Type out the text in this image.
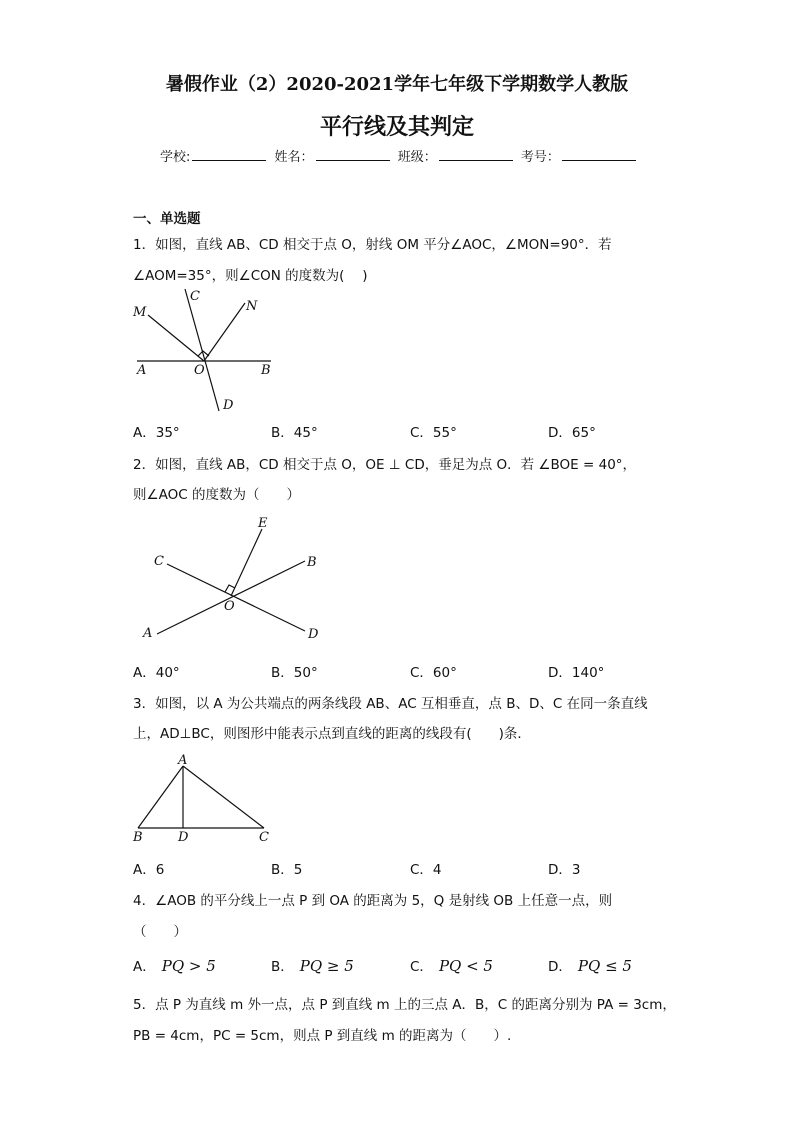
暑假作业（2）2020-2021学年七年级下学期数学人教版
平行线及其判定
学校:	姓名：	班级：	考号：
一、单选题
1．如图，直线 AB、CD 相交于点 O，射线 OM 平分∠AOC，∠MON=90°．若
∠AOM=35°，则∠CON 的度数为(　 )
M
C
N
A	O	B
D
A．35°	B．45°	C．55°	D．65°
2．如图，直线 AB，CD 相交于点 O，OE ⊥ CD，垂足为点 O．若 ∠BOE = 40°，
则∠AOC 的度数为（　　）
E
C	B
O
A	D
A．40°	B．50°	C．60°	D．140°
3．如图，以 A 为公共端点的两条线段 AB、AC 互相垂直，点 B、D、C 在同一条直线
上，AD⊥BC，则图形中能表示点到直线的距离的线段有(　　)条．
A
B	D	C
A．6	B．5	C．4	D．3
4．∠AOB 的平分线上一点 P 到 OA 的距离为 5，Q 是射线 OB 上任意一点，则
（　　）
A． PQ > 5	B． PQ ≥ 5	C． PQ < 5	D． PQ ≤ 5
5．点 P 为直线 m 外一点，点 P 到直线 m 上的三点 A．B，C 的距离分别为 PA = 3cm，
PB = 4cm，PC = 5cm，则点 P 到直线 m 的距离为（　　）.
